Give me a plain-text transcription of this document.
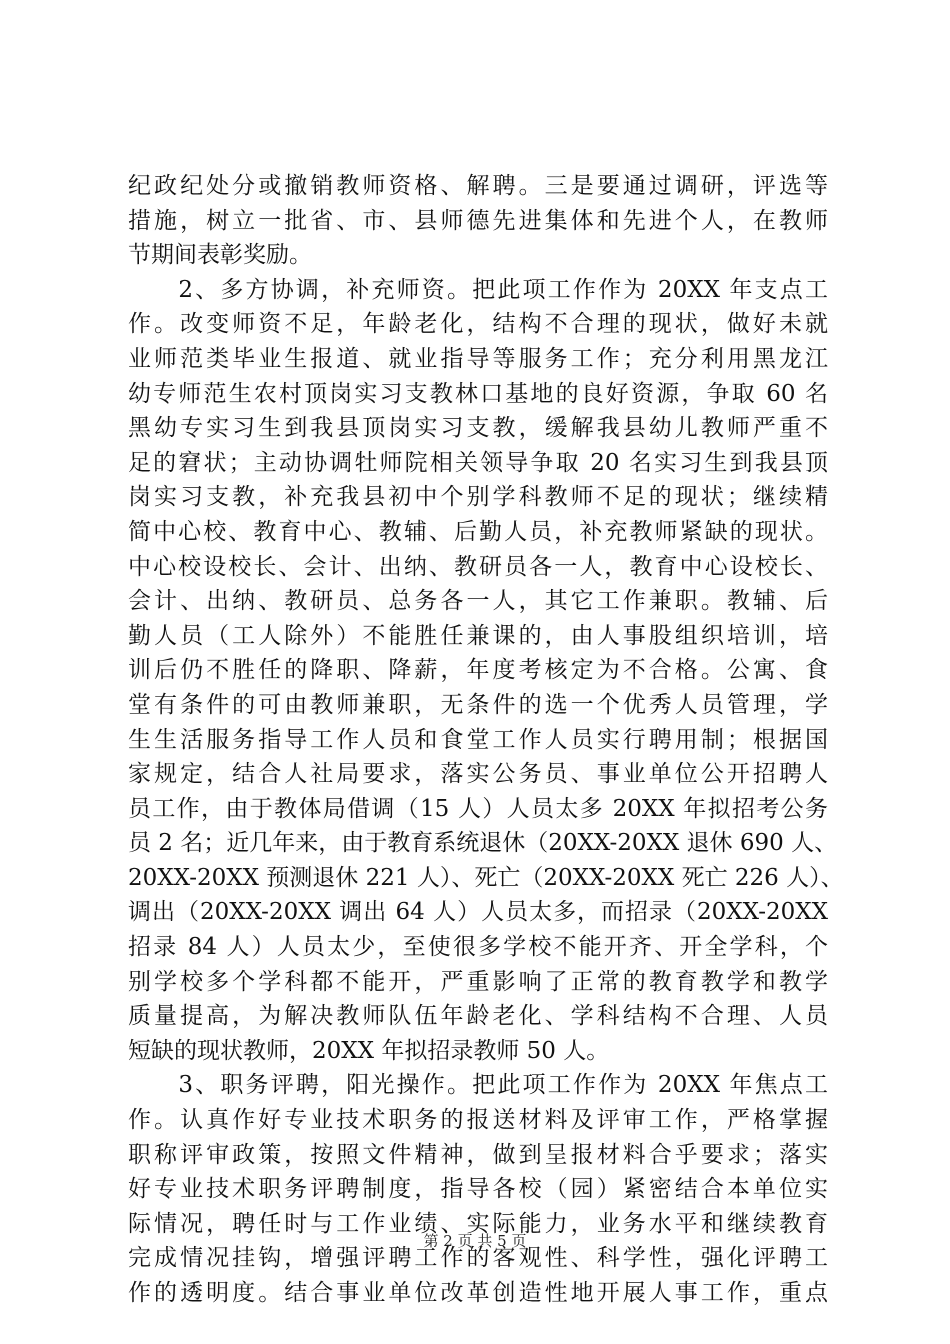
纪政纪处分或撤销教师资格、解聘。三是要通过调研，评选等
措施，树立一批省、市、县师德先进集体和先进个人，在教师
节期间表彰奖励。
　　2、多方协调，补充师资。把此项工作作为 20XX 年支点工
作。改变师资不足，年龄老化，结构不合理的现状，做好未就
业师范类毕业生报道、就业指导等服务工作；充分利用黑龙江
幼专师范生农村顶岗实习支教林口基地的良好资源，争取 60 名
黑幼专实习生到我县顶岗实习支教，缓解我县幼儿教师严重不
足的窘状；主动协调牡师院相关领导争取 20 名实习生到我县顶
岗实习支教，补充我县初中个别学科教师不足的现状；继续精
简中心校、教育中心、教辅、后勤人员，补充教师紧缺的现状。
中心校设校长、会计、出纳、教研员各一人，教育中心设校长、
会计、出纳、教研员、总务各一人，其它工作兼职。教辅、后
勤人员（工人除外）不能胜任兼课的，由人事股组织培训，培
训后仍不胜任的降职、降薪，年度考核定为不合格。公寓、食
堂有条件的可由教师兼职，无条件的选一个优秀人员管理，学
生生活服务指导工作人员和食堂工作人员实行聘用制；根据国
家规定，结合人社局要求，落实公务员、事业单位公开招聘人
员工作，由于教体局借调（15 人）人员太多 20XX 年拟招考公务
员 2 名；近几年来，由于教育系统退休（20XX-20XX 退休 690 人、
20XX-20XX 预测退休 221 人）、死亡（20XX-20XX 死亡 226 人）、
调出（20XX-20XX 调出 64 人）人员太多，而招录（20XX-20XX
招录 84 人）人员太少，至使很多学校不能开齐、开全学科，个
别学校多个学科都不能开，严重影响了正常的教育教学和教学
质量提高，为解决教师队伍年龄老化、学科结构不合理、人员
短缺的现状教师，20XX 年拟招录教师 50 人。
　　3、职务评聘，阳光操作。把此项工作作为 20XX 年焦点工
作。认真作好专业技术职务的报送材料及评审工作，严格掌握
职称评审政策，按照文件精神，做到呈报材料合乎要求；落实
好专业技术职务评聘制度，指导各校（园）紧密结合本单位实
际情况，聘任时与工作业绩、实际能力，业务水平和继续教育
完成情况挂钩，增强评聘工作的客观性、科学性，强化评聘工
作的透明度。结合事业单位改革创造性地开展人事工作，重点
第 2 页 共 5 页
